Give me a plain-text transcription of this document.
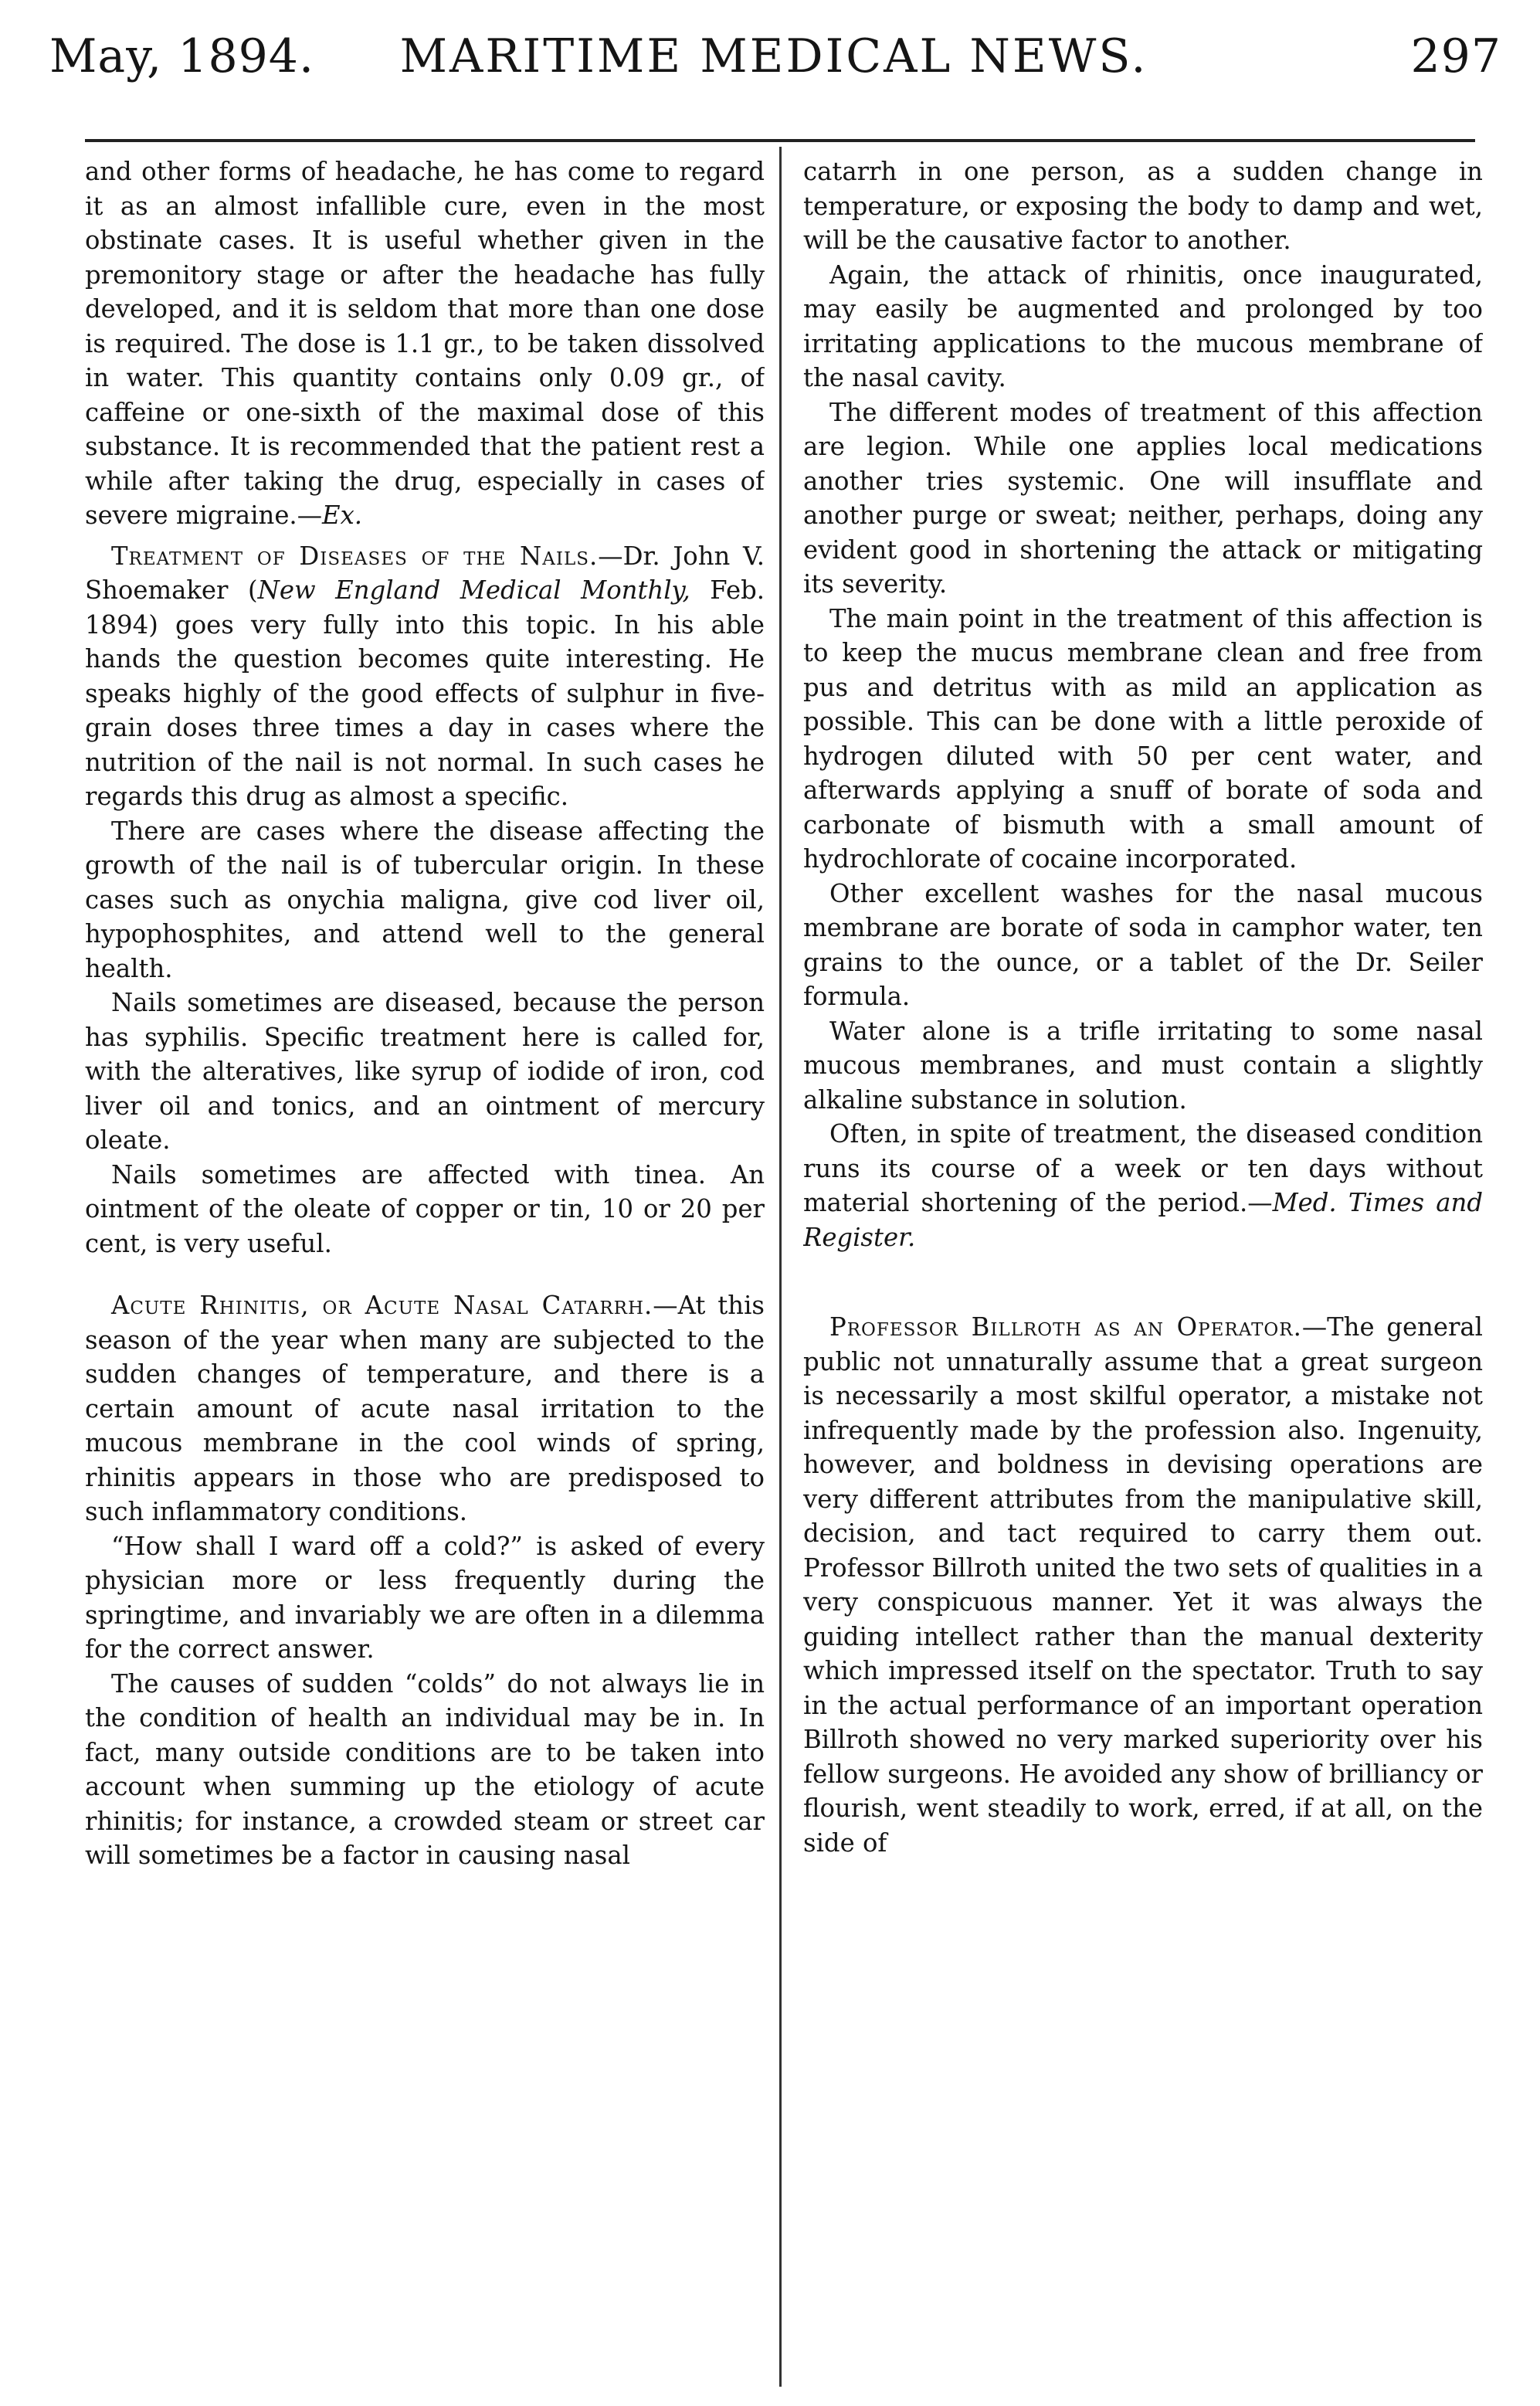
May, 1894.	MARITIME MEDICAL NEWS.	297

and other forms of headache, he has come to regard it as an almost infallible cure, even in the most obstinate cases. It is useful whether given in the premonitory stage or after the headache has fully developed, and it is seldom that more than one dose is required. The dose is 1.1 gr., to be taken dissolved in water. This quantity contains only 0.09 gr., of caffeine or one-sixth of the maximal dose of this substance. It is recommended that the patient rest a while after taking the drug, especially in cases of severe migraine.—Ex.

Treatment of Diseases of the Nails.—Dr. John V. Shoemaker (New England Medical Monthly, Feb. 1894) goes very fully into this topic. In his able hands the question becomes quite interesting. He speaks highly of the good effects of sulphur in five-grain doses three times a day in cases where the nutrition of the nail is not normal. In such cases he regards this drug as almost a specific.

There are cases where the disease affecting the growth of the nail is of tubercular origin. In these cases such as onychia maligna, give cod liver oil, hypophosphites, and attend well to the general health.

Nails sometimes are diseased, because the person has syphilis. Specific treatment here is called for, with the alteratives, like syrup of iodide of iron, cod liver oil and tonics, and an ointment of mercury oleate.

Nails sometimes are affected with tinea. An ointment of the oleate of copper or tin, 10 or 20 per cent, is very useful.

Acute Rhinitis, or Acute Nasal Catarrh.—At this season of the year when many are subjected to the sudden changes of temperature, and there is a certain amount of acute nasal irritation to the mucous membrane in the cool winds of spring, rhinitis appears in those who are predisposed to such inflammatory conditions.

“How shall I ward off a cold?” is asked of every physician more or less frequently during the springtime, and invariably we are often in a dilemma for the correct answer.

The causes of sudden “colds” do not always lie in the condition of health an individual may be in. In fact, many outside conditions are to be taken into account when summing up the etiology of acute rhinitis; for instance, a crowded steam or street car will sometimes be a factor in causing nasal

catarrh in one person, as a sudden change in temperature, or exposing the body to damp and wet, will be the causative factor to another.

Again, the attack of rhinitis, once inaugurated, may easily be augmented and prolonged by too irritating applications to the mucous membrane of the nasal cavity.

The different modes of treatment of this affection are legion. While one applies local medications another tries systemic. One will insufflate and another purge or sweat; neither, perhaps, doing any evident good in shortening the attack or mitigating its severity.

The main point in the treatment of this affection is to keep the mucus membrane clean and free from pus and detritus with as mild an application as possible. This can be done with a little peroxide of hydrogen diluted with 50 per cent water, and afterwards applying a snuff of borate of soda and carbonate of bismuth with a small amount of hydrochlorate of cocaine incorporated.

Other excellent washes for the nasal mucous membrane are borate of soda in camphor water, ten grains to the ounce, or a tablet of the Dr. Seiler formula.

Water alone is a trifle irritating to some nasal mucous membranes, and must contain a slightly alkaline substance in solution.

Often, in spite of treatment, the diseased condition runs its course of a week or ten days without material shortening of the period.—Med. Times and Register.

Professor Billroth as an Operator.—The general public not unnaturally assume that a great surgeon is necessarily a most skilful operator, a mistake not infrequently made by the profession also. Ingenuity, however, and boldness in devising operations are very different attributes from the manipulative skill, decision, and tact required to carry them out. Professor Billroth united the two sets of qualities in a very conspicuous manner. Yet it was always the guiding intellect rather than the manual dexterity which impressed itself on the spectator. Truth to say in the actual performance of an important operation Billroth showed no very marked superiority over his fellow surgeons. He avoided any show of brilliancy or flourish, went steadily to work, erred, if at all, on the side of
